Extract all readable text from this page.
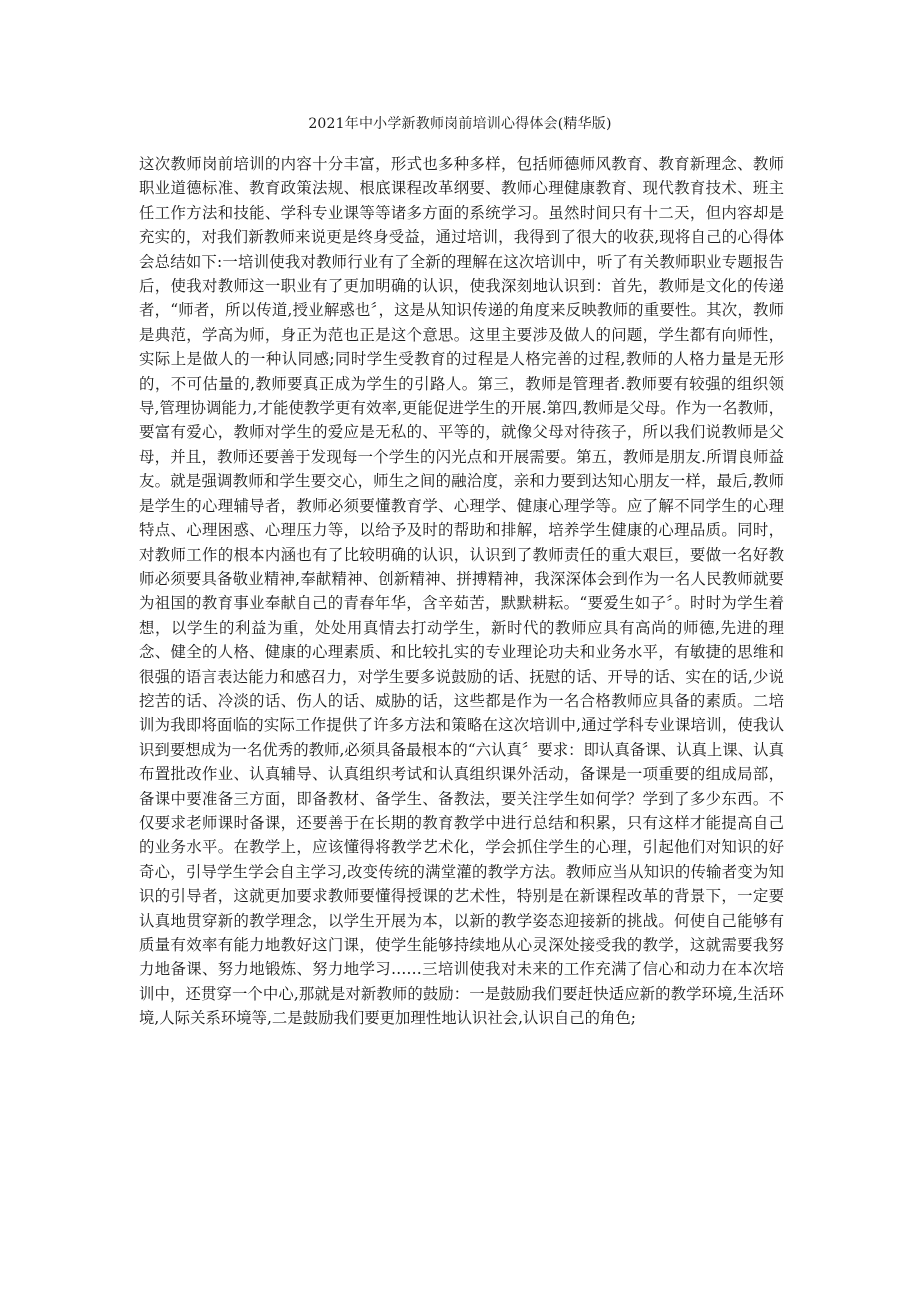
2021年中小学新教师岗前培训心得体会(精华版)

这次教师岗前培训的内容十分丰富，形式也多种多样，包括师德师风教育、教育新理念、教师职业道德标准、教育政策法规、根底课程改革纲要、教师心理健康教育、现代教育技术、班主任工作方法和技能、学科专业课等等诸多方面的系统学习。虽然时间只有十二天，但内容却是充实的，对我们新教师来说更是终身受益，通过培训，我得到了很大的收获,现将自己的心得体会总结如下:一培训使我对教师行业有了全新的理解在这次培训中，听了有关教师职业专题报告后，使我对教师这一职业有了更加明确的认识，使我深刻地认识到：首先，教师是文化的传递者，“师者，所以传道,授业解惑也〞，这是从知识传递的角度来反映教师的重要性。其次，教师是典范，学高为师，身正为范也正是这个意思。这里主要涉及做人的问题，学生都有向师性，实际上是做人的一种认同感;同时学生受教育的过程是人格完善的过程,教师的人格力量是无形的，不可估量的,教师要真正成为学生的引路人。第三，教师是管理者.教师要有较强的组织领导,管理协调能力,才能使教学更有效率,更能促进学生的开展.第四,教师是父母。作为一名教师，要富有爱心，教师对学生的爱应是无私的、平等的，就像父母对待孩子，所以我们说教师是父母，并且，教师还要善于发现每一个学生的闪光点和开展需要。第五，教师是朋友.所谓良师益友。就是强调教师和学生要交心，师生之间的融洽度，亲和力要到达知心朋友一样，最后,教师是学生的心理辅导者，教师必须要懂教育学、心理学、健康心理学等。应了解不同学生的心理特点、心理困惑、心理压力等，以给予及时的帮助和排解，培养学生健康的心理品质。同时，对教师工作的根本内涵也有了比较明确的认识，认识到了教师责任的重大艰巨，要做一名好教师必须要具备敬业精神,奉献精神、创新精神、拼搏精神，我深深体会到作为一名人民教师就要为祖国的教育事业奉献自己的青春年华，含辛茹苦，默默耕耘。“要爱生如子〞。时时为学生着想，以学生的利益为重，处处用真情去打动学生，新时代的教师应具有高尚的师德,先进的理念、健全的人格、健康的心理素质、和比较扎实的专业理论功夫和业务水平，有敏捷的思维和很强的语言表达能力和感召力，对学生要多说鼓励的话、抚慰的话、开导的话、实在的话,少说挖苦的话、冷淡的话、伤人的话、威胁的话，这些都是作为一名合格教师应具备的素质。二培训为我即将面临的实际工作提供了许多方法和策略在这次培训中,通过学科专业课培训，使我认识到要想成为一名优秀的教师,必须具备最根本的“六认真〞要求：即认真备课、认真上课、认真布置批改作业、认真辅导、认真组织考试和认真组织课外活动，备课是一项重要的组成局部，备课中要准备三方面，即备教材、备学生、备教法，要关注学生如何学？学到了多少东西。不仅要求老师课时备课，还要善于在长期的教育教学中进行总结和积累，只有这样才能提高自己的业务水平。在教学上，应该懂得将教学艺术化，学会抓住学生的心理，引起他们对知识的好奇心，引导学生学会自主学习,改变传统的满堂灌的教学方法。教师应当从知识的传输者变为知识的引导者，这就更加要求教师要懂得授课的艺术性，特别是在新课程改革的背景下，一定要认真地贯穿新的教学理念，以学生开展为本，以新的教学姿态迎接新的挑战。何使自己能够有质量有效率有能力地教好这门课，使学生能够持续地从心灵深处接受我的教学，这就需要我努力地备课、努力地锻炼、努力地学习……三培训使我对未来的工作充满了信心和动力在本次培训中，还贯穿一个中心,那就是对新教师的鼓励：一是鼓励我们要赶快适应新的教学环境,生活环境,人际关系环境等,二是鼓励我们要更加理性地认识社会,认识自己的角色;
